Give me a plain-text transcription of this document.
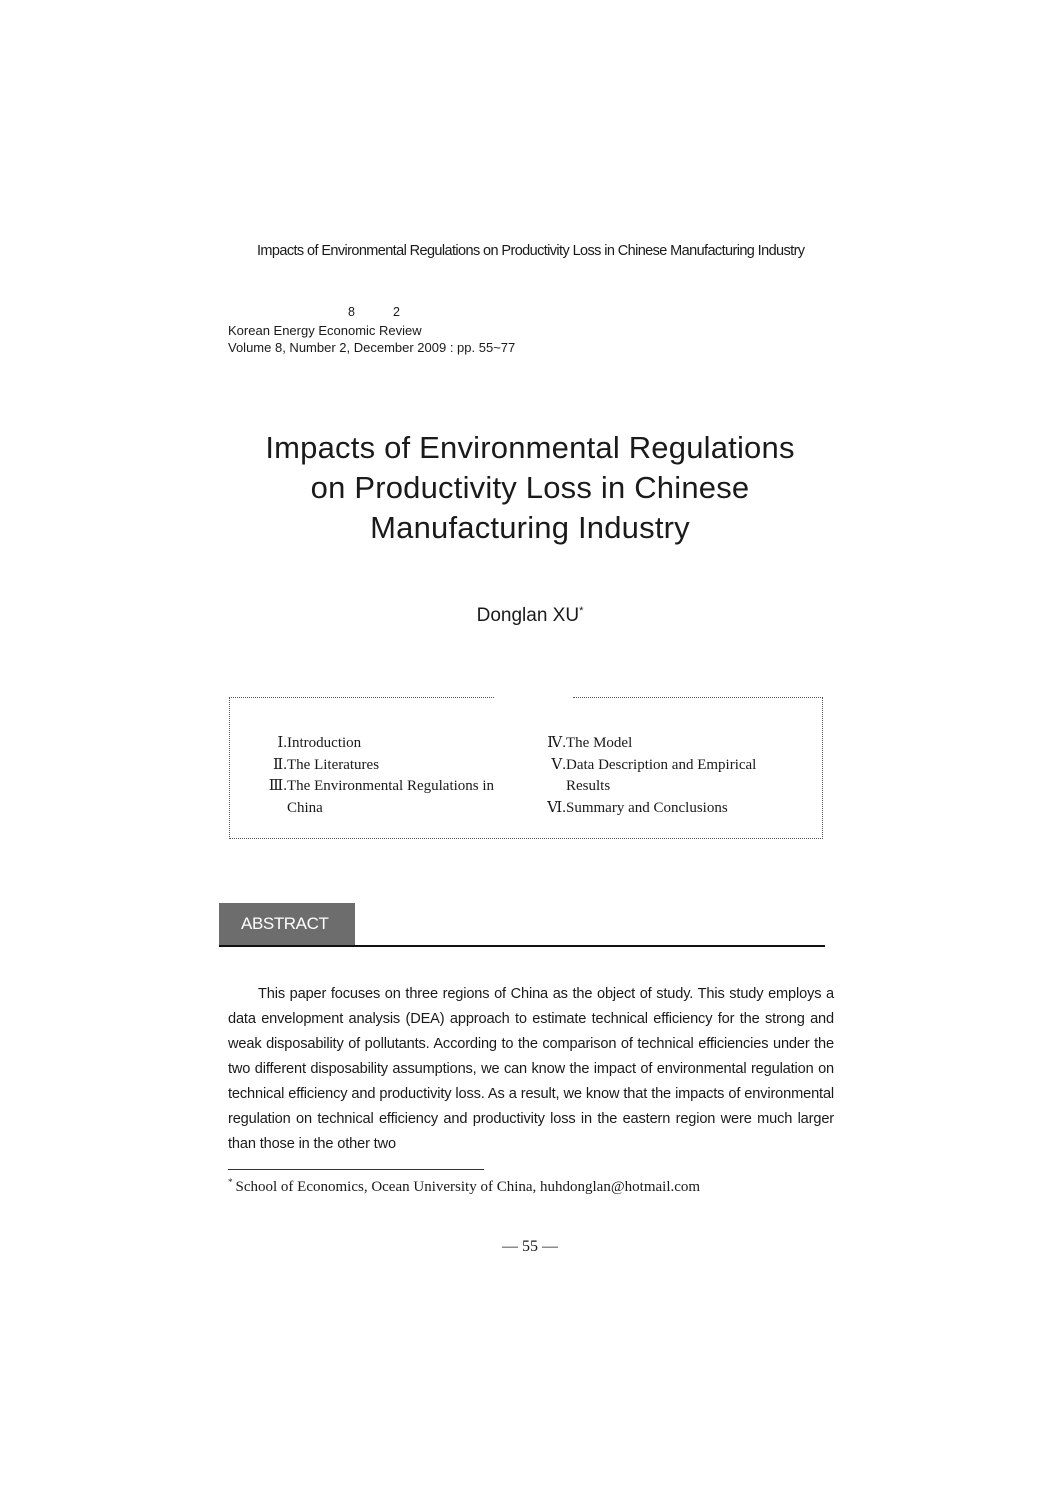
Impacts of Environmental Regulations on Productivity Loss in Chinese Manufacturing Industry
8	2
Korean Energy Economic Review
Volume 8, Number 2, December 2009 : pp. 55~77
Impacts of Environmental Regulations
on Productivity Loss in Chinese
Manufacturing Industry
Donglan XU*
Ⅰ. Introduction
Ⅱ. The Literatures
Ⅲ. The Environmental Regulations in China
Ⅳ. The Model
Ⅴ. Data Description and Empirical Results
Ⅵ. Summary and Conclusions
ABSTRACT

This paper focuses on three regions of China as the object of study. This study employs a data envelopment analysis (DEA) approach to estimate technical efficiency for the strong and weak disposability of pollutants. According to the comparison of technical efficiencies under the two different disposability assumptions, we can know the impact of environmental regulation on technical efficiency and productivity loss. As a result, we know that the impacts of environmental regulation on technical efficiency and productivity loss in the eastern region were much larger than those in the other two

* School of Economics, Ocean University of China, huhdonglan@hotmail.com
― 55 ―
